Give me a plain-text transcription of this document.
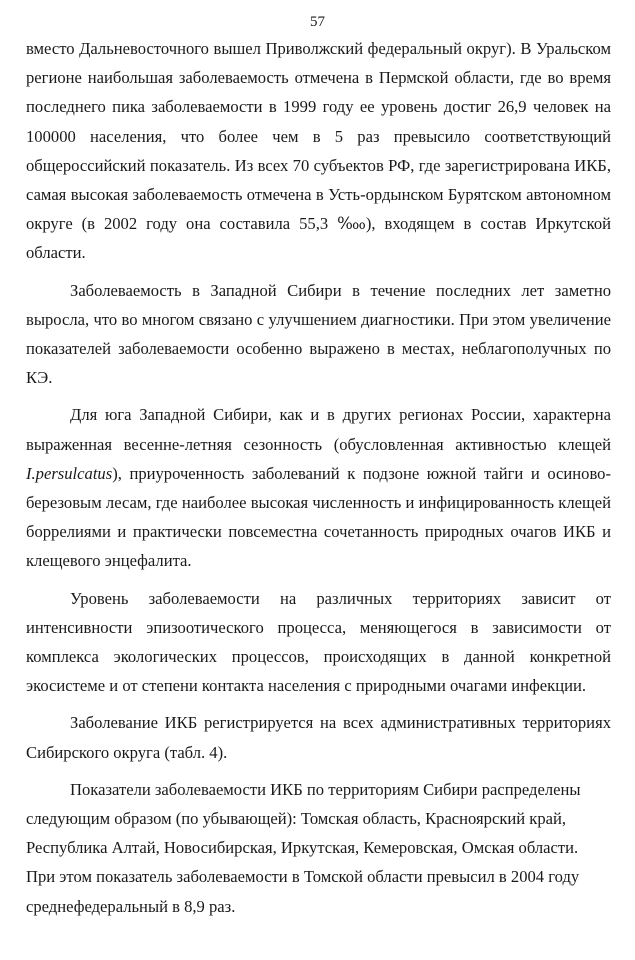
57

вместо Дальневосточного вышел Приволжский федеральный округ). В Уральском регионе наибольшая заболеваемость отмечена в Пермской области, где во время последнего пика заболеваемости в 1999 году ее уровень достиг 26,9 человек на 100000 населения, что более чем в 5 раз превысило соответствующий общероссийский показатель. Из всех 70 субъектов РФ, где зарегистрирована ИКБ, самая высокая заболеваемость отмечена в Усть-ордынском Бурятском автономном округе (в 2002 году она составила 55,3 ‱), входящем в состав Иркутской области.

Заболеваемость в Западной Сибири в течение последних лет заметно выросла, что во многом связано с улучшением диагностики. При этом увеличение показателей заболеваемости особенно выражено в местах, неблагополучных по КЭ.

Для юга Западной Сибири, как и в других регионах России, характерна выраженная весенне-летняя сезонность (обусловленная активностью клещей I.persulcatus), приуроченность заболеваний к подзоне южной тайги и осиново-березовым лесам, где наиболее высокая численность и инфицированность клещей боррелиями и практически повсеместна сочетанность природных очагов ИКБ и клещевого энцефалита.

Уровень заболеваемости на различных территориях зависит от интенсивности эпизоотического процесса, меняющегося в зависимости от комплекса экологических процессов, происходящих в данной конкретной экосистеме и от степени контакта населения с природными очагами инфекции.

Заболевание ИКБ регистрируется на всех административных территориях Сибирского округа (табл. 4).

Показатели заболеваемости ИКБ по территориям Сибири распределены следующим образом (по убывающей): Томская область, Красноярский край, Республика Алтай, Новосибирская, Иркутская, Кемеровская, Омская области. При этом показатель заболеваемости в Томской области превысил в 2004 году среднефедеральный в 8,9 раз.
